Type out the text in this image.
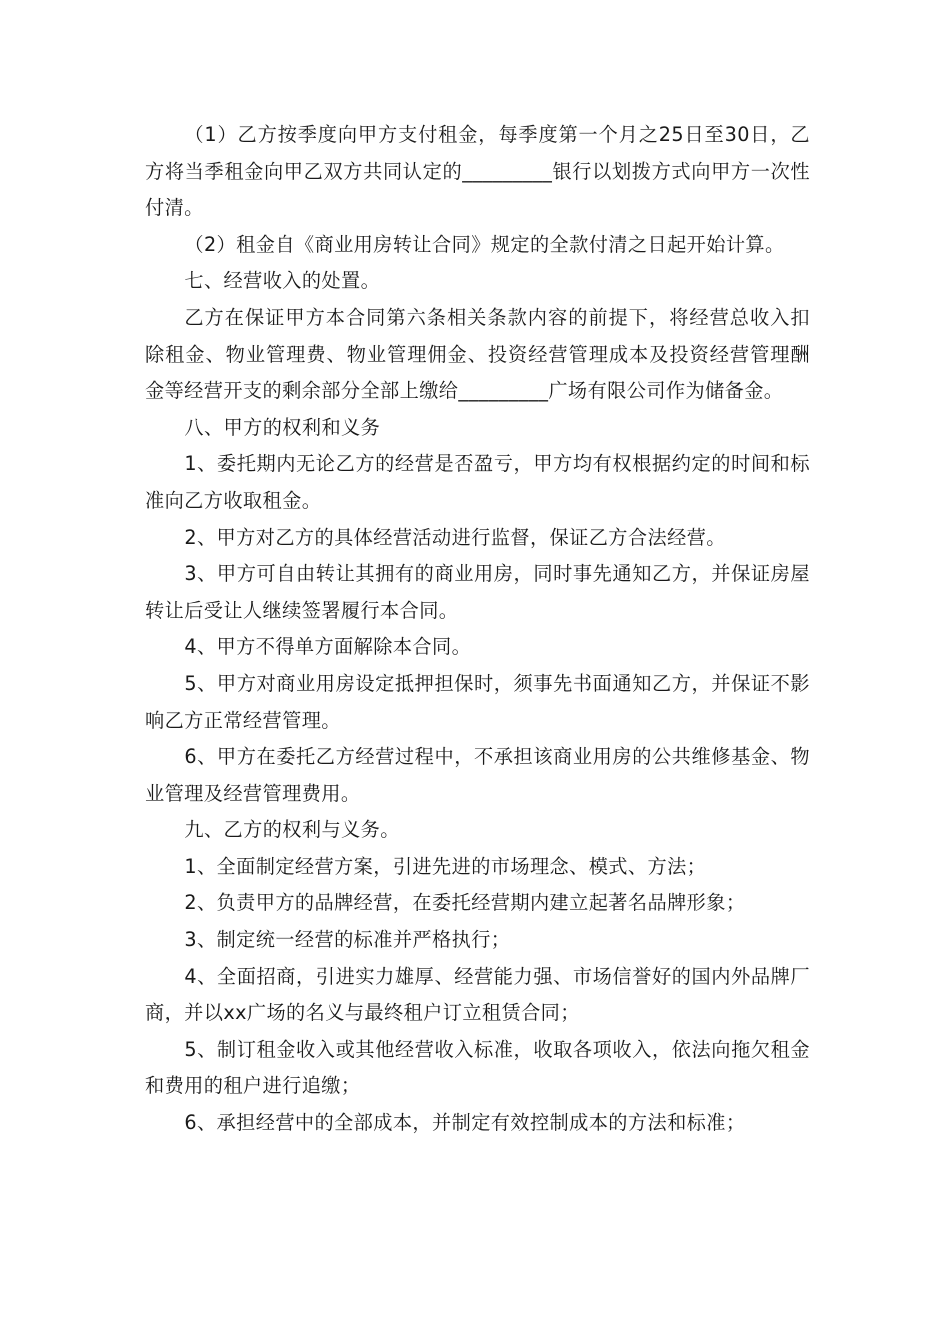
（1）乙方按季度向甲方支付租金，每季度第一个月之25日至30日，乙方将当季租金向甲乙双方共同认定的_________银行以划拨方式向甲方一次性付清。

（2）租金自《商业用房转让合同》规定的全款付清之日起开始计算。

七、经营收入的处置。

乙方在保证甲方本合同第六条相关条款内容的前提下，将经营总收入扣除租金、物业管理费、物业管理佣金、投资经营管理成本及投资经营管理酬金等经营开支的剩余部分全部上缴给_________广场有限公司作为储备金。

八、甲方的权利和义务

1、委托期内无论乙方的经营是否盈亏，甲方均有权根据约定的时间和标准向乙方收取租金。

2、甲方对乙方的具体经营活动进行监督，保证乙方合法经营。

3、甲方可自由转让其拥有的商业用房，同时事先通知乙方，并保证房屋转让后受让人继续签署履行本合同。

4、甲方不得单方面解除本合同。

5、甲方对商业用房设定抵押担保时，须事先书面通知乙方，并保证不影响乙方正常经营管理。

6、甲方在委托乙方经营过程中，不承担该商业用房的公共维修基金、物业管理及经营管理费用。

九、乙方的权利与义务。

1、全面制定经营方案，引进先进的市场理念、模式、方法；

2、负责甲方的品牌经营，在委托经营期内建立起著名品牌形象；

3、制定统一经营的标准并严格执行；

4、全面招商，引进实力雄厚、经营能力强、市场信誉好的国内外品牌厂商，并以xx广场的名义与最终租户订立租赁合同；

5、制订租金收入或其他经营收入标准，收取各项收入，依法向拖欠租金和费用的租户进行追缴；

6、承担经营中的全部成本，并制定有效控制成本的方法和标准；
